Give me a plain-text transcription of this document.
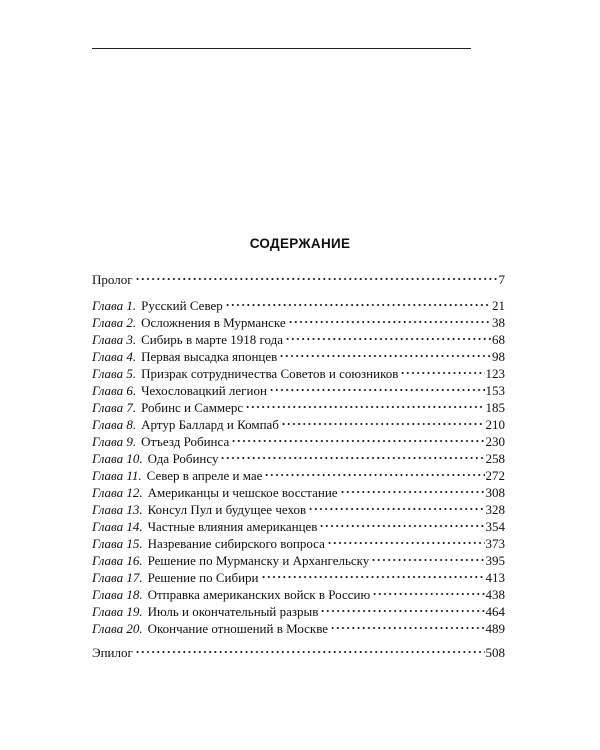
СОДЕРЖАНИЕ
Пролог	7
Глава 1. Русский Север	21
Глава 2. Осложнения в Мурманске	38
Глава 3. Сибирь в марте 1918 года	68
Глава 4. Первая высадка японцев	98
Глава 5. Призрак сотрудничества Советов и союзников	123
Глава 6. Чехословацкий легион	153
Глава 7. Робинс и Саммерс	185
Глава 8. Артур Баллард и Компаб	210
Глава 9. Отъезд Робинса	230
Глава 10. Ода Робинсу	258
Глава 11. Север в апреле и мае	272
Глава 12. Американцы и чешское восстание	308
Глава 13. Консул Пул и будущее чехов	328
Глава 14. Частные влияния американцев	354
Глава 15. Назревание сибирского вопроса	373
Глава 16. Решение по Мурманску и Архангельску	395
Глава 17. Решение по Сибири	413
Глава 18. Отправка американских войск в Россию	438
Глава 19. Июль и окончательный разрыв	464
Глава 20. Окончание отношений в Москве	489
Эпилог	508
